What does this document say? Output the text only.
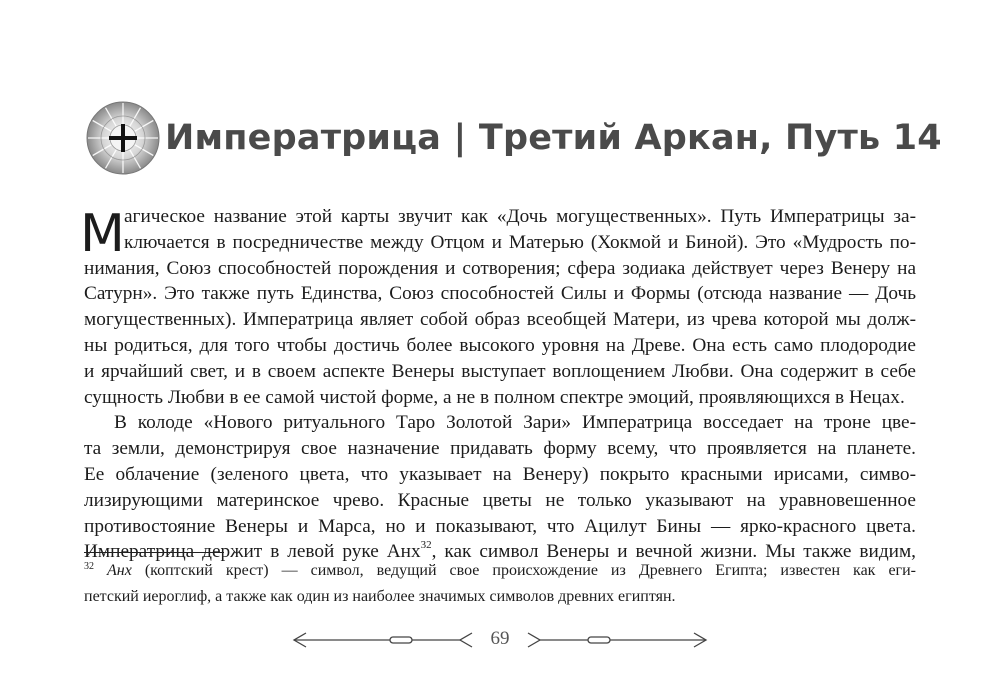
Императрица | Третий Аркан, Путь 14
М агическое название этой карты звучит как «Дочь могущественных». Путь Императрицы за-
ключается в посредничестве между Отцом и Матерью (Хокмой и Биной). Это «Мудрость по-
нимания, Союз способностей порождения и сотворения; сфера зодиака действует через Венеру на
Сатурн». Это также путь Единства, Союз способностей Силы и Формы (отсюда название — Дочь
могущественных). Императрица являет собой образ всеобщей Матери, из чрева которой мы долж-
ны родиться, для того чтобы достичь более высокого уровня на Древе. Она есть само плодородие
и ярчайший свет, и в своем аспекте Венеры выступает воплощением Любви. Она содержит в себе
сущность Любви в ее самой чистой форме, а не в полном спектре эмоций, проявляющихся в Нецах.
В колоде «Нового ритуального Таро Золотой Зари» Императрица восседает на троне цве-
та земли, демонстрируя свое назначение придавать форму всему, что проявляется на планете.
Ее облачение (зеленого цвета, что указывает на Венеру) покрыто красными ирисами, симво-
лизирующими материнское чрево. Красные цветы не только указывают на уравновешенное
противостояние Венеры и Марса, но и показывают, что Ацилут Бины — ярко-красного цвета.
Императрица держит в левой руке Анх$^{32}$, как символ Венеры и вечной жизни. Мы также видим,
$^{32}$ Анх (коптский крест) — символ, ведущий свое происхождение из Древнего Египта; известен как еги-
петский иероглиф, а также как один из наиболее значимых символов древних египтян.
69
